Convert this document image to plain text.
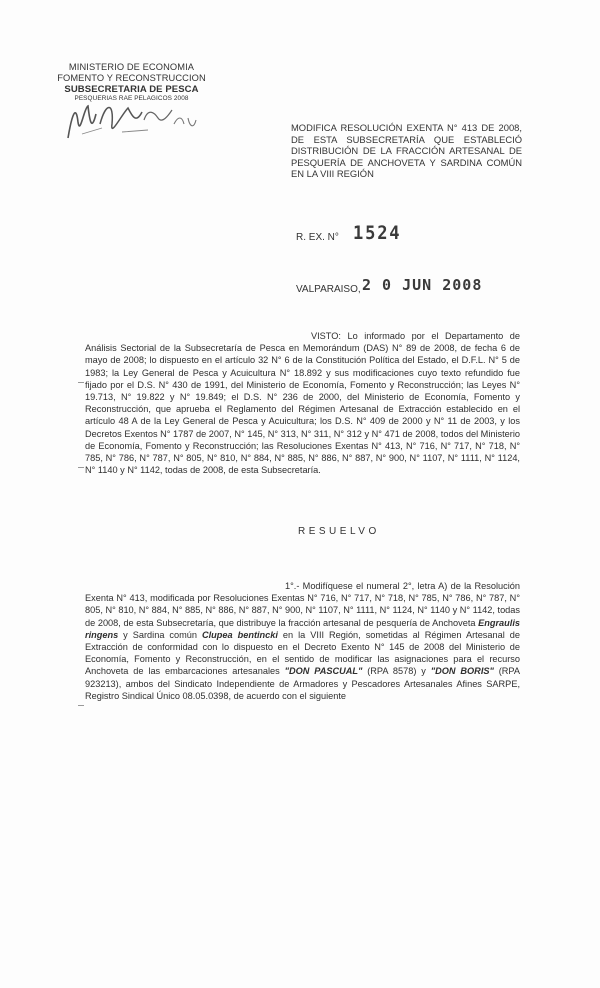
MINISTERIO DE ECONOMIA
FOMENTO Y RECONSTRUCCION
SUBSECRETARIA DE PESCA
PESQUERIAS RAE PELAGICOS 2008
MODIFICA RESOLUCIÓN EXENTA N° 413 DE 2008, DE ESTA SUBSECRETARÍA QUE ESTABLECIÓ DISTRIBUCIÓN DE LA FRACCIÓN ARTESANAL DE PESQUERÍA DE ANCHOVETA Y SARDINA COMÚN EN LA VIII REGIÓN
R. EX. N° 1524
VALPARAISO, 2 0 JUN 2008
VISTO: Lo informado por el Departamento de Análisis Sectorial de la Subsecretaría de Pesca en Memorándum (DAS) N° 89 de 2008, de fecha 6 de mayo de 2008; lo dispuesto en el artículo 32 N° 6 de la Constitución Política del Estado, el D.F.L. N° 5 de 1983; la Ley General de Pesca y Acuicultura N° 18.892 y sus modificaciones cuyo texto refundido fue fijado por el D.S. N° 430 de 1991, del Ministerio de Economía, Fomento y Reconstrucción; las Leyes N° 19.713, N° 19.822 y N° 19.849; el D.S. N° 236 de 2000, del Ministerio de Economía, Fomento y Reconstrucción, que aprueba el Reglamento del Régimen Artesanal de Extracción establecido en el artículo 48 A de la Ley General de Pesca y Acuicultura; los D.S. N° 409 de 2000 y N° 11 de 2003, y los Decretos Exentos N° 1787 de 2007, N° 145, N° 313, N° 311, N° 312 y N° 471 de 2008, todos del Ministerio de Economía, Fomento y Reconstrucción; las Resoluciones Exentas N° 413, N° 716, N° 717, N° 718, N° 785, N° 786, N° 787, N° 805, N° 810, N° 884, N° 885, N° 886, N° 887, N° 900, N° 1107, N° 1111, N° 1124, N° 1140 y N° 1142, todas de 2008, de esta Subsecretaría.
RESUELVO
1°.- Modifíquese el numeral 2°, letra A) de la Resolución Exenta N° 413, modificada por Resoluciones Exentas N° 716, N° 717, N° 718, N° 785, N° 786, N° 787, N° 805, N° 810, N° 884, N° 885, N° 886, N° 887, N° 900, N° 1107, N° 1111, N° 1124, N° 1140 y N° 1142, todas de 2008, de esta Subsecretaría, que distribuye la fracción artesanal de pesquería de Anchoveta Engraulis ringens y Sardina común Clupea bentincki en la VIII Región, sometidas al Régimen Artesanal de Extracción de conformidad con lo dispuesto en el Decreto Exento N° 145 de 2008 del Ministerio de Economía, Fomento y Reconstrucción, en el sentido de modificar las asignaciones para el recurso Anchoveta de las embarcaciones artesanales "DON PASCUAL" (RPA 8578) y "DON BORIS" (RPA 923213), ambos del Sindicato Independiente de Armadores y Pescadores Artesanales Afines SARPE, Registro Sindical Único 08.05.0398, de acuerdo con el siguiente
